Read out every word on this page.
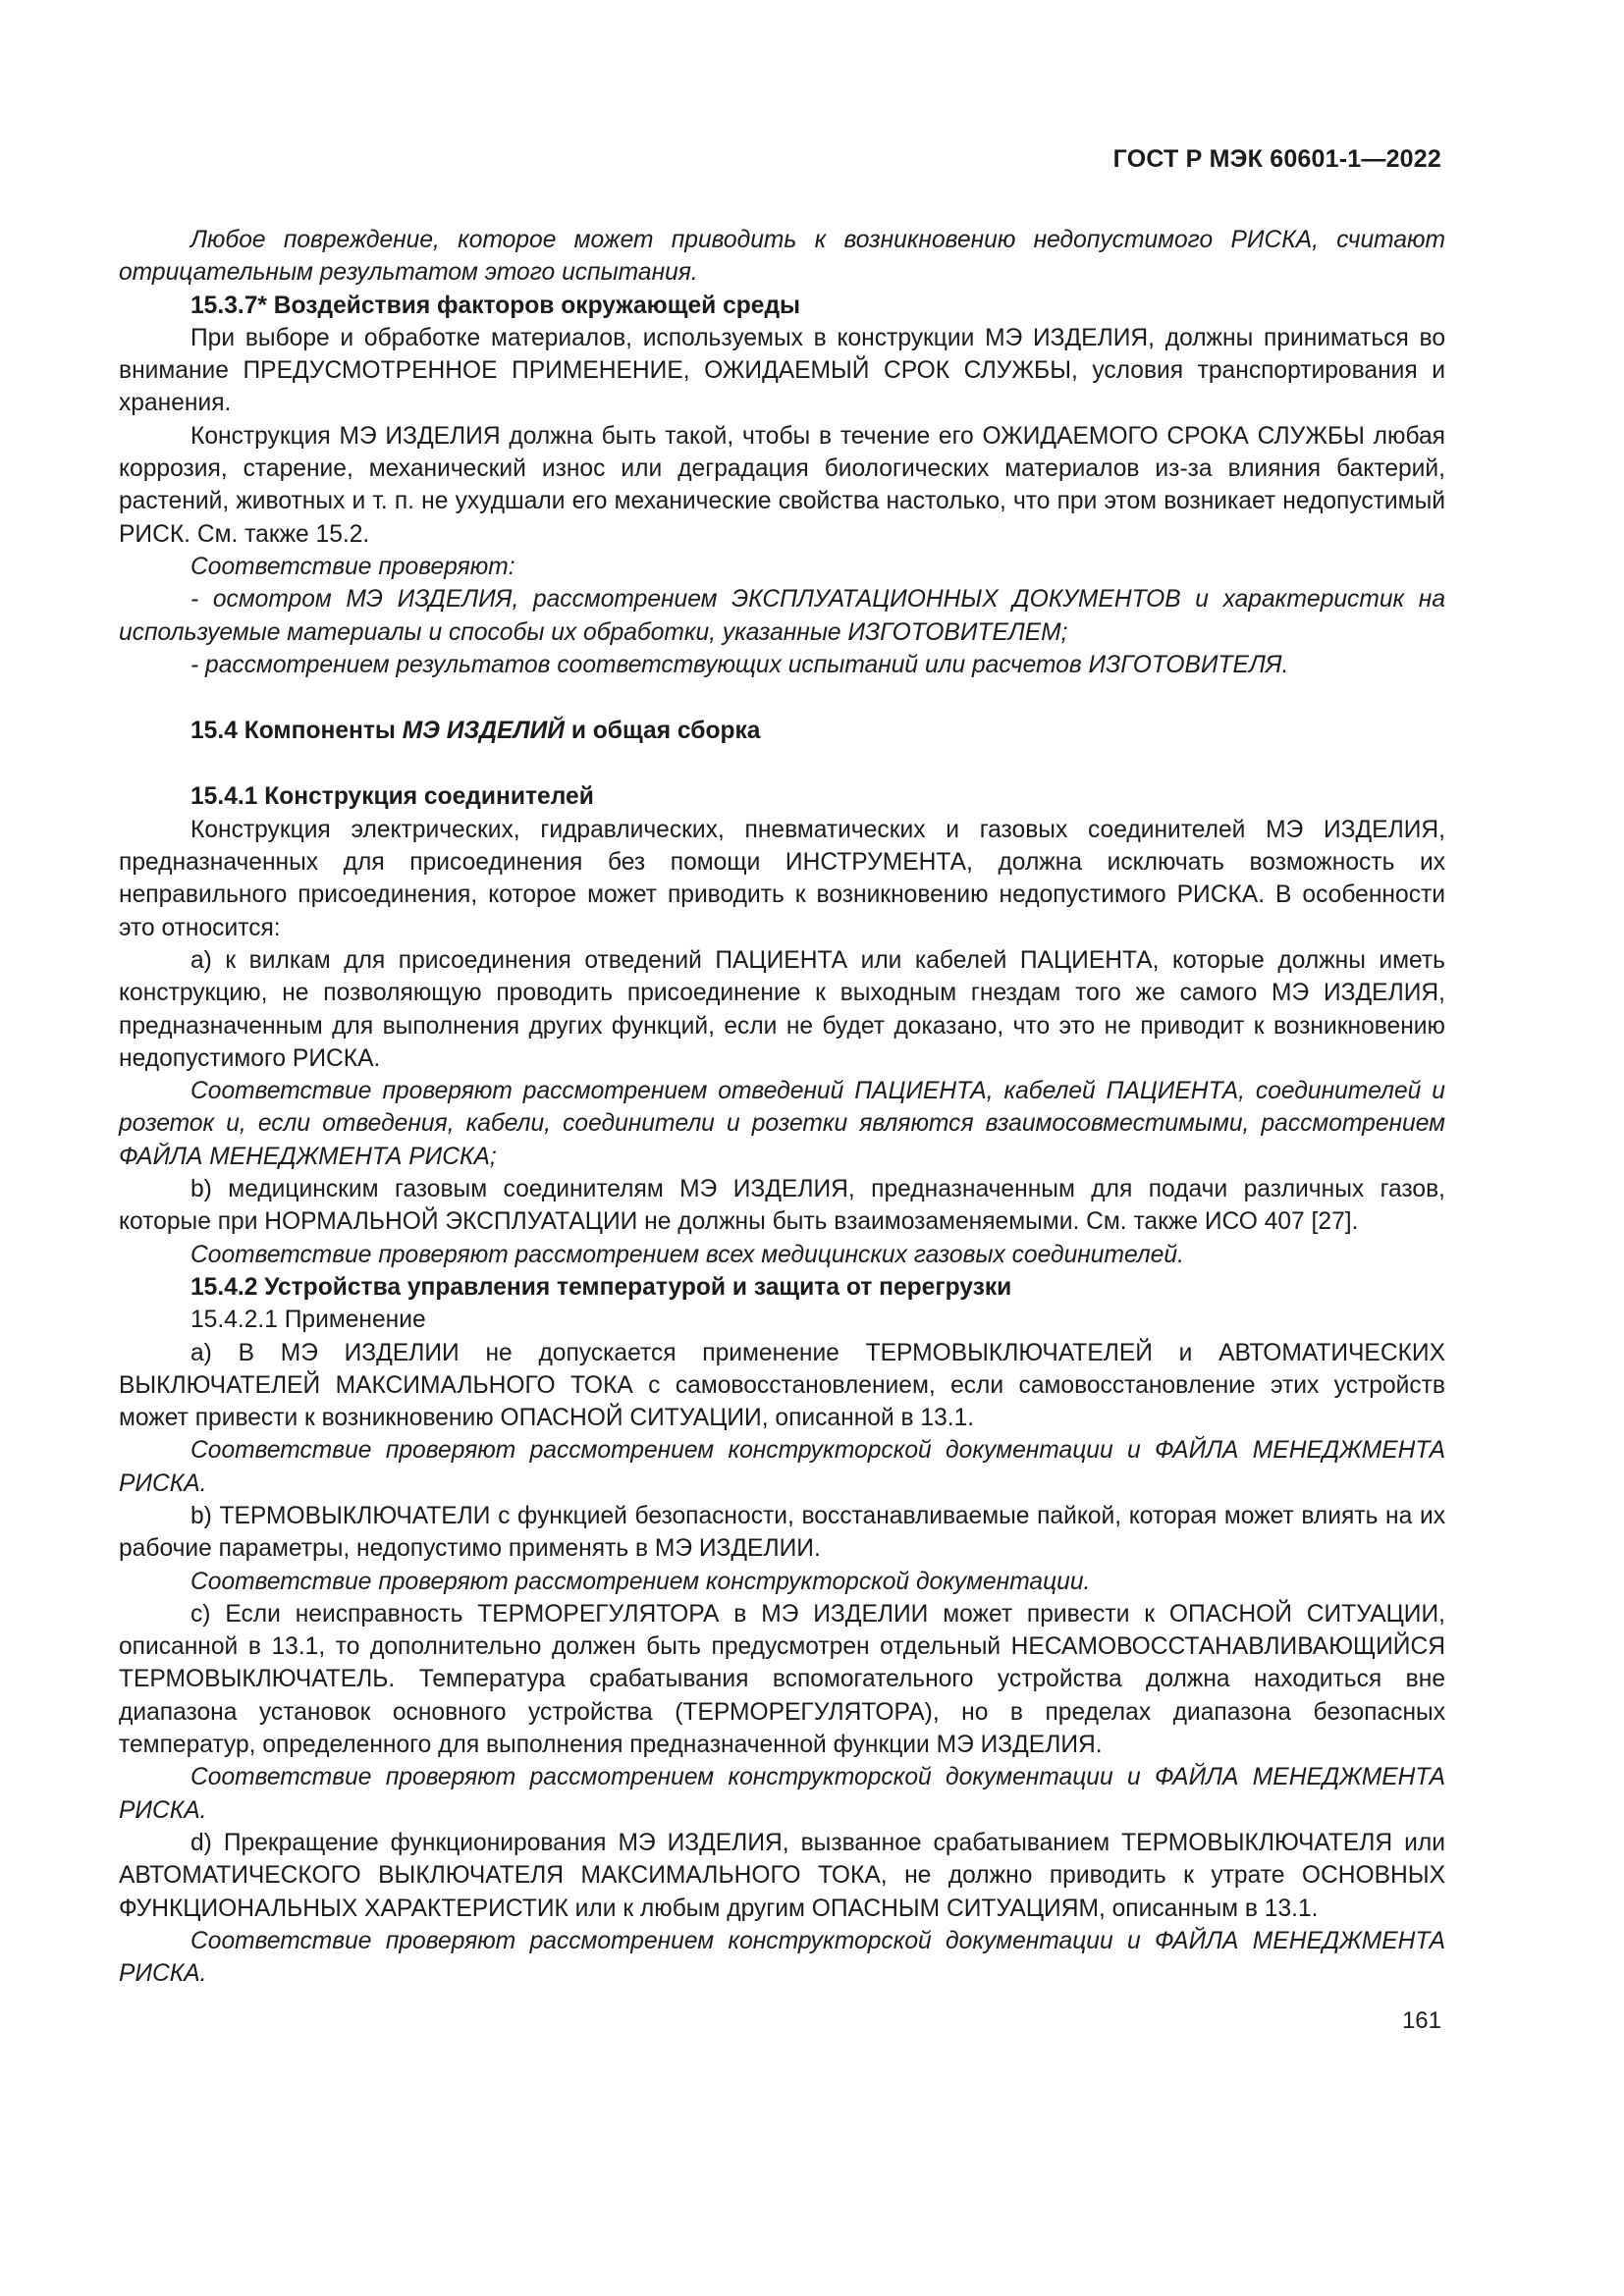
ГОСТ Р МЭК 60601-1—2022

Любое повреждение, которое может приводить к возникновению недопустимого РИСКА, считают отрицательным результатом этого испытания.

15.3.7* Воздействия факторов окружающей среды

При выборе и обработке материалов, используемых в конструкции МЭ ИЗДЕЛИЯ, должны приниматься во внимание ПРЕДУСМОТРЕННОЕ ПРИМЕНЕНИЕ, ОЖИДАЕМЫЙ СРОК СЛУЖБЫ, условия транспортирования и хранения.

Конструкция МЭ ИЗДЕЛИЯ должна быть такой, чтобы в течение его ОЖИДАЕМОГО СРОКА СЛУЖБЫ любая коррозия, старение, механический износ или деградация биологических материалов из-за влияния бактерий, растений, животных и т. п. не ухудшали его механические свойства настолько, что при этом возникает недопустимый РИСК. См. также 15.2.

Соответствие проверяют:

- осмотром МЭ ИЗДЕЛИЯ, рассмотрением ЭКСПЛУАТАЦИОННЫХ ДОКУМЕНТОВ и характеристик на используемые материалы и способы их обработки, указанные ИЗГОТОВИТЕЛЕМ;

- рассмотрением результатов соответствующих испытаний или расчетов ИЗГОТОВИТЕЛЯ.

15.4 Компоненты МЭ ИЗДЕЛИЙ и общая сборка

15.4.1 Конструкция соединителей

Конструкция электрических, гидравлических, пневматических и газовых соединителей МЭ ИЗДЕЛИЯ, предназначенных для присоединения без помощи ИНСТРУМЕНТА, должна исключать возможность их неправильного присоединения, которое может приводить к возникновению недопустимого РИСКА. В особенности это относится:

a) к вилкам для присоединения отведений ПАЦИЕНТА или кабелей ПАЦИЕНТА, которые должны иметь конструкцию, не позволяющую проводить присоединение к выходным гнездам того же самого МЭ ИЗДЕЛИЯ, предназначенным для выполнения других функций, если не будет доказано, что это не приводит к возникновению недопустимого РИСКА.

Соответствие проверяют рассмотрением отведений ПАЦИЕНТА, кабелей ПАЦИЕНТА, соединителей и розеток и, если отведения, кабели, соединители и розетки являются взаимосовместимыми, рассмотрением ФАЙЛА МЕНЕДЖМЕНТА РИСКА;

b) медицинским газовым соединителям МЭ ИЗДЕЛИЯ, предназначенным для подачи различных газов, которые при НОРМАЛЬНОЙ ЭКСПЛУАТАЦИИ не должны быть взаимозаменяемыми. См. также ИСО 407 [27].

Соответствие проверяют рассмотрением всех медицинских газовых соединителей.

15.4.2 Устройства управления температурой и защита от перегрузки

15.4.2.1 Применение

a) В МЭ ИЗДЕЛИИ не допускается применение ТЕРМОВЫКЛЮЧАТЕЛЕЙ и АВТОМАТИЧЕСКИХ ВЫКЛЮЧАТЕЛЕЙ МАКСИМАЛЬНОГО ТОКА с самовосстановлением, если самовосстановление этих устройств может привести к возникновению ОПАСНОЙ СИТУАЦИИ, описанной в 13.1.

Соответствие проверяют рассмотрением конструкторской документации и ФАЙЛА МЕНЕДЖМЕНТА РИСКА.

b) ТЕРМОВЫКЛЮЧАТЕЛИ с функцией безопасности, восстанавливаемые пайкой, которая может влиять на их рабочие параметры, недопустимо применять в МЭ ИЗДЕЛИИ.

Соответствие проверяют рассмотрением конструкторской документации.

c) Если неисправность ТЕРМОРЕГУЛЯТОРА в МЭ ИЗДЕЛИИ может привести к ОПАСНОЙ СИТУАЦИИ, описанной в 13.1, то дополнительно должен быть предусмотрен отдельный НЕСАМОВОССТАНАВЛИВАЮЩИЙСЯ ТЕРМОВЫКЛЮЧАТЕЛЬ. Температура срабатывания вспомогательного устройства должна находиться вне диапазона установок основного устройства (ТЕРМОРЕГУЛЯТОРА), но в пределах диапазона безопасных температур, определенного для выполнения предназначенной функции МЭ ИЗДЕЛИЯ.

Соответствие проверяют рассмотрением конструкторской документации и ФАЙЛА МЕНЕДЖМЕНТА РИСКА.

d) Прекращение функционирования МЭ ИЗДЕЛИЯ, вызванное срабатыванием ТЕРМОВЫКЛЮЧАТЕЛЯ или АВТОМАТИЧЕСКОГО ВЫКЛЮЧАТЕЛЯ МАКСИМАЛЬНОГО ТОКА, не должно приводить к утрате ОСНОВНЫХ ФУНКЦИОНАЛЬНЫХ ХАРАКТЕРИСТИК или к любым другим ОПАСНЫМ СИТУАЦИЯМ, описанным в 13.1.

Соответствие проверяют рассмотрением конструкторской документации и ФАЙЛА МЕНЕДЖМЕНТА РИСКА.

161
